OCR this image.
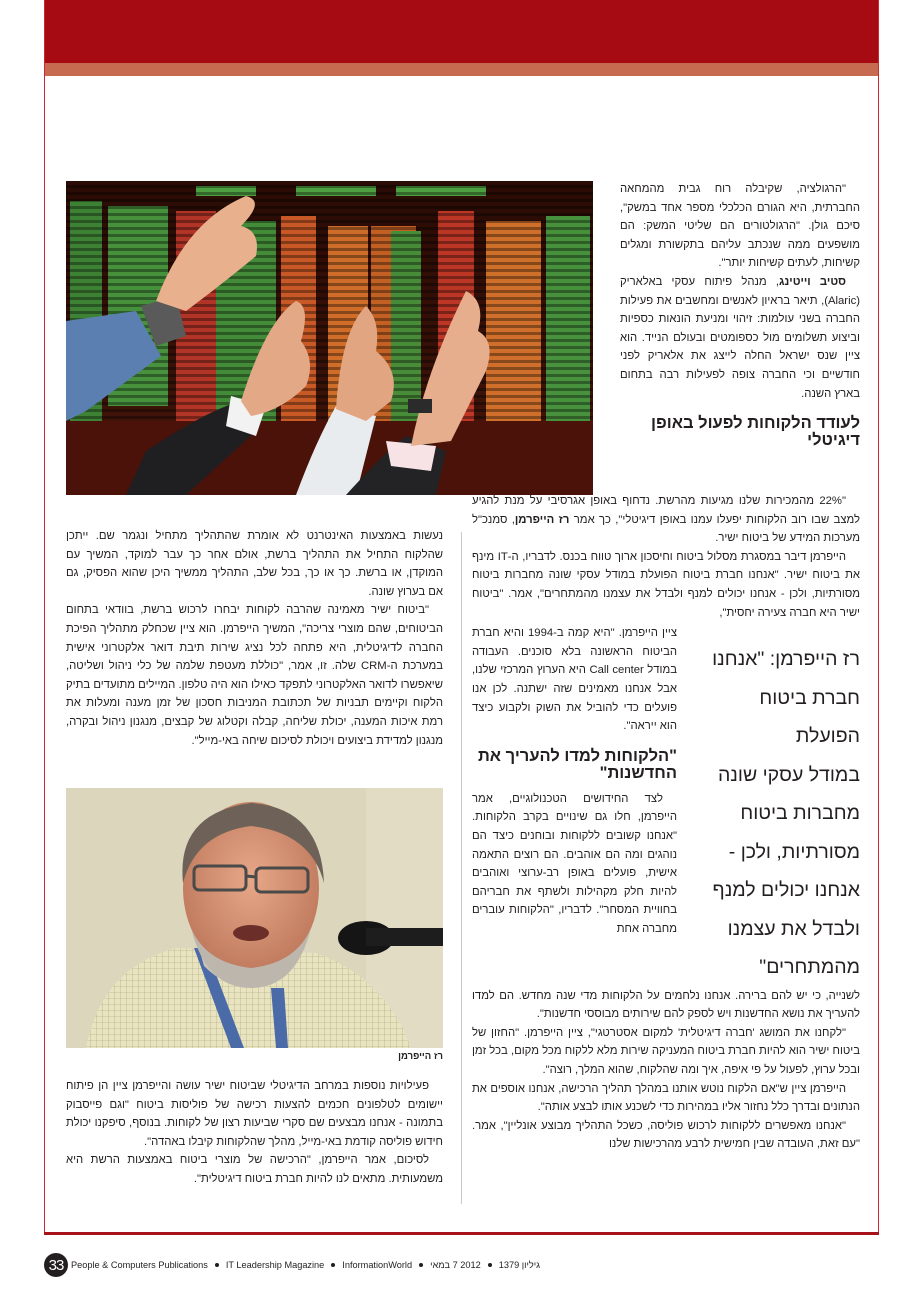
"הרגולציה, שקיבלה רוח גבית מהמחאה החברתית, היא הגורם הכלכלי מספר אחד במשק", סיכם גולן. "הרגולטורים הם שליטי המשק: הם מושפעים ממה שנכתב עליהם בתקשורת ומגלים קשיחות, לעתים קשיחות יותר".

סטיב וייטינג, מנהל פיתוח עסקי באלאריק (Alaric), תיאר בראיון לאנשים ומחשבים את פעילות החברה בשני עולמות: זיהוי ומניעת הונאות כספיות וביצוע תשלומים מול כספומטים ובעולם הנייד. הוא ציין שנס ישראל החלה לייצג את אלאריק לפני חודשיים וכי החברה צופה לפעילות רבה בתחום בארץ השנה.

לעודד הלקוחות לפעול באופן דיגיטלי

"22% מהמכירות שלנו מגיעות מהרשת. נדחוף באופן אגרסיבי על מנת להגיע למצב שבו רוב הלקוחות יפעלו עמנו באופן דיגיטלי", כך אמר רז הייפרמן, סמנכ"ל מערכות המידע של ביטוח ישיר.

הייפרמן דיבר במסגרת מסלול ביטוח וחיסכון ארוך טווח בכנס. לדבריו, ה-IT מינף את ביטוח ישיר. "אנחנו חברת ביטוח הפועלת במודל עסקי שונה מחברות ביטוח מסורתיות, ולכן - אנחנו יכולים למנף ולבדל את עצמנו מהמתחרים", אמר. "ביטוח ישיר היא חברה צעירה יחסית",

רז הייפרמן: "אנחנו
חברת ביטוח הפועלת
במודל עסקי שונה
מחברות ביטוח
מסורתיות, ולכן -
אנחנו יכולים למנף
ולבדל את עצמנו
מהמתחרים"

ציין הייפרמן. "היא קמה ב-1994 והיא חברת הביטוח הראשונה בלא סוכנים. העבודה במודל Call center היא הערוץ המרכזי שלנו, אבל אנחנו מאמינים שזה ישתנה. לכן אנו פועלים כדי להוביל את השוק ולקבוע כיצד הוא ייראה".

"הלקוחות למדו להעריך את החדשנות"

לצד החידושים הטכנולוגיים, אמר הייפרמן, חלו גם שינויים בקרב הלקוחות. "אנחנו קשובים ללקוחות ובוחנים כיצד הם נוהגים ומה הם אוהבים. הם רוצים התאמה אישית, פועלים באופן רב-ערוצי ואוהבים להיות חלק מקהילות ולשתף את חבריהם בחוויית המסחר". לדבריו, "הלקוחות עוברים מחברה אחת

לשנייה, כי יש להם ברירה. אנחנו נלחמים על הלקוחות מדי שנה מחדש. הם למדו להעריך את נושא החדשנות ויש לספק להם שירותים מבוססי חדשנות".

"לקחנו את המושג 'חברה דיגיטלית' למקום אסטרטגי", ציין הייפרמן. "החזון של ביטוח ישיר הוא להיות חברת ביטוח המעניקה שירות מלא ללקוח מכל מקום, בכל זמן ובכל ערוץ, לפעול על פי איפה, איך ומה שהלקוח, שהוא המלך, רוצה".

הייפרמן ציין ש"אם הלקוח נוטש אותנו במהלך תהליך הרכישה, אנחנו אוספים את הנתונים ובדרך כלל נחזור אליו במהירות כדי לשכנע אותו לבצע אותה".

"אנחנו מאפשרים ללקוחות לרכוש פוליסה, כשכל התהליך מבוצע אונליין", אמר. "עם זאת, העובדה שבין חמישית לרבע מהרכישות שלנו

נעשות באמצעות האינטרנט לא אומרת שהתהליך מתחיל ונגמר שם. ייתכן שהלקוח התחיל את התהליך ברשת, אולם אחר כך עבר למוקד, המשיך עם המוקדן, או ברשת. כך או כך, בכל שלב, התהליך ממשיך היכן שהוא הפסיק, גם אם בערוץ שונה.

"ביטוח ישיר מאמינה שהרבה לקוחות יבחרו לרכוש ברשת, בוודאי בתחום הביטוחים, שהם מוצרי צריכה", המשיך הייפרמן. הוא ציין שכחלק מתהליך הפיכת החברה לדיגיטלית, היא פתחה לכל נציג שירות תיבת דואר אלקטרוני אישית במערכת ה-CRM שלה. זו, אמר, "כוללת מעטפת שלמה של כלי ניהול ושליטה, שיאפשרו לדואר האלקטרוני לתפקד כאילו הוא היה טלפון. המיילים מתועדים בתיק הלקוח וקיימים תבניות של תכתובת המניבות חסכון של זמן מענה ומעלות את רמת איכות המענה, יכולת שליחה, קבלה וקטלוג של קבצים, מנגנון ניהול ובקרה, מנגנון למדידת ביצועים ויכולת לסיכום שיחה באי-מייל".

רז הייפרמן

פעילויות נוספות במרחב הדיגיטלי שביטוח ישיר עושה והייפרמן ציין הן פיתוח יישומים לטלפונים חכמים להצעות רכישה של פוליסות ביטוח "וגם פייסבוק בתמונה - אנחנו מבצעים שם סקרי שביעות רצון של לקוחות. בנוסף, סיפקנו יכולת חידוש פוליסה קודמת באי-מייל, מהלך שהלקוחות קיבלו באהדה".

לסיכום, אמר הייפרמן, "הרכישה של מוצרי ביטוח באמצעות הרשת היא משמעותית. מתאים לנו להיות חברת ביטוח דיגיטלית".

33 People & Computers Publications IT Leadership Magazine InformationWorld 2012 7 במאי גיליון 1379
